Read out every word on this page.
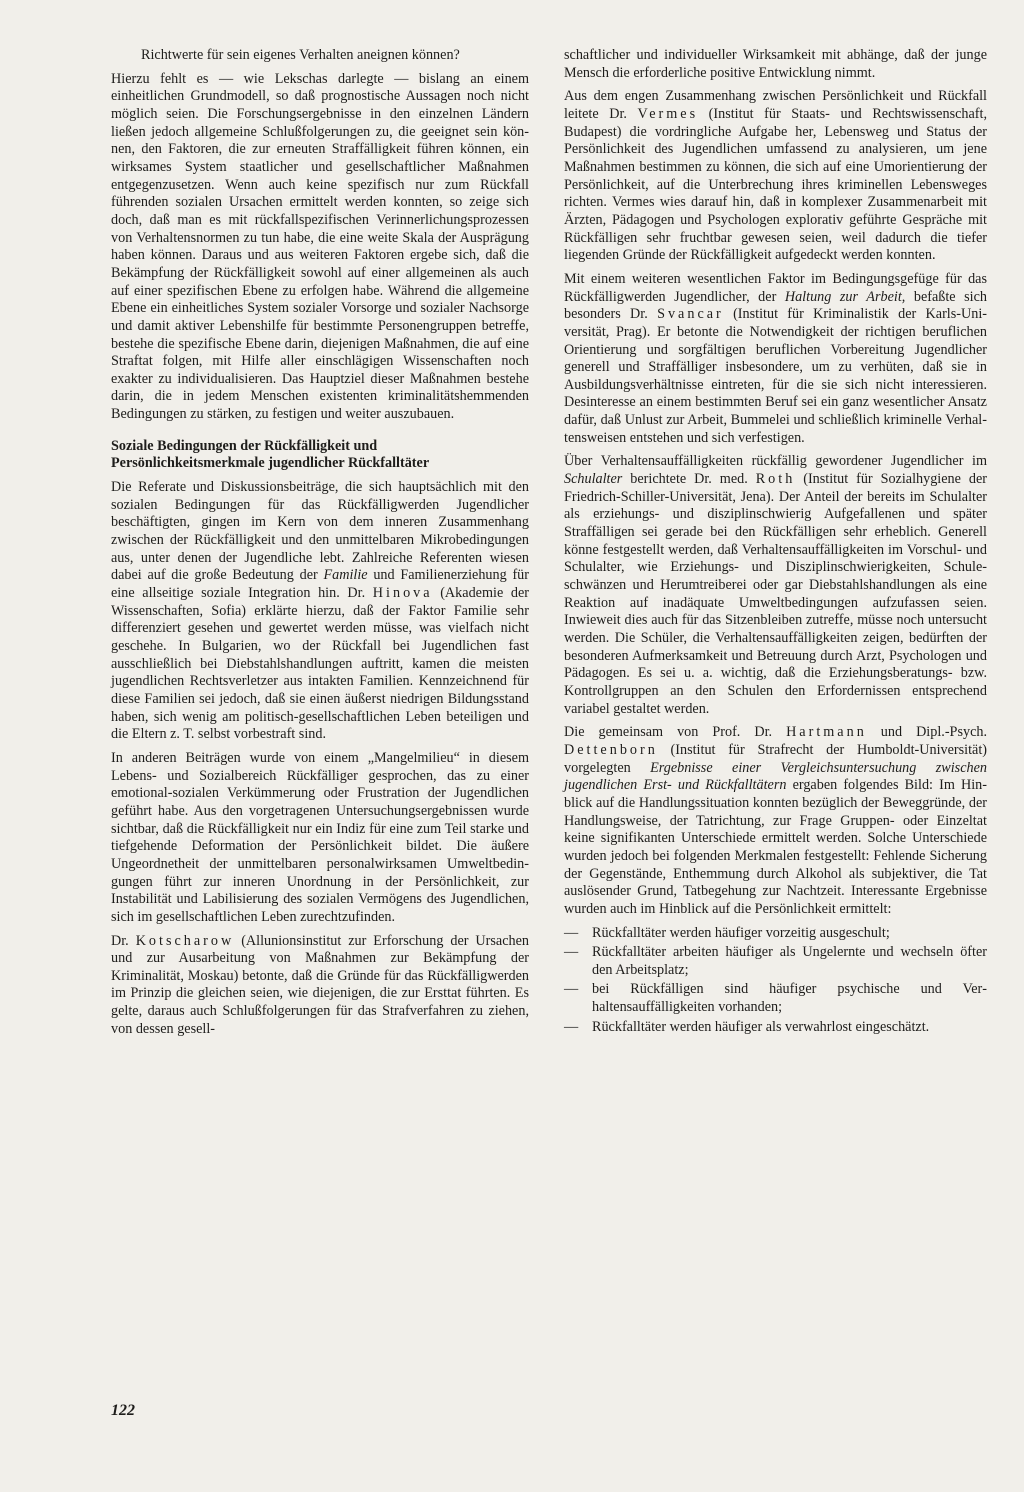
Richtwerte für sein eigenes Verhalten aneignen können?

Hierzu fehlt es — wie Lekschas darlegte — bislang an einem einheitlichen Grundmodell, so daß prognostische Aussagen noch nicht möglich seien. Die Forschungsergebnisse in den einzelnen Ländern ließen jedoch allgemeine Schlußfolgerungen zu, die geeignet sein können, den Faktoren, die zur erneuten Straffälligkeit führen können, ein wirksames System staatlicher und gesellschaftlicher Maßnahmen entgegenzusetzen. Wenn auch keine spezifisch nur zum Rückfall führenden sozialen Ursachen ermittelt werden konnten, so zeige sich doch, daß man es mit rückfallspezifischen Verinnerlichungsprozessen von Verhaltensnormen zu tun habe, die eine weite Skala der Ausprägung haben können. Daraus und aus weiteren Faktoren ergebe sich, daß die Bekämpfung der Rückfälligkeit sowohl auf einer allgemeinen als auch auf einer spezifischen Ebene zu erfolgen habe. Während die allgemeine Ebene ein einheitliches System sozialer Vorsorge und sozialer Nachsorge und damit aktiver Lebenshilfe für bestimmte Personengruppen betreffe, bestehe die spezifische Ebene darin, diejenigen Maßnahmen, die auf eine Straftat folgen, mit Hilfe aller einschlägigen Wissenschaften noch exakter zu individualisieren. Das Hauptziel dieser Maßnahmen bestehe darin, die in jedem Menschen existenten kriminalitätshemmenden Bedingungen zu stärken, zu festigen und weiter auszubauen.

Soziale Bedingungen der Rückfälligkeit und Persönlichkeitsmerkmale jugendlicher Rückfalltäter

Die Referate und Diskussionsbeiträge, die sich hauptsächlich mit den sozialen Bedingungen für das Rückfälligwerden Jugendlicher beschäftigten, gingen im Kern von dem inneren Zusammenhang zwischen der Rückfälligkeit und den unmittelbaren Mikrobedingungen aus, unter denen der Jugendliche lebt. Zahlreiche Referenten wiesen dabei auf die große Bedeutung der Familie und Familienerziehung für eine allseitige soziale Integration hin. Dr. Hinova (Akademie der Wissenschaften, Sofia) erklärte hierzu, daß der Faktor Familie sehr differenziert gesehen und gewertet werden müsse, was vielfach nicht geschehe. In Bulgarien, wo der Rückfall bei Jugendlichen fast ausschließlich bei Diebstahlshandlungen auftritt, kamen die meisten jugendlichen Rechtsverletzer aus intakten Familien. Kennzeichnend für diese Familien sei jedoch, daß sie einen äußerst niedrigen Bildungsstand haben, sich wenig am politisch-gesellschaftlichen Leben beteiligen und die Eltern z. T. selbst vorbestraft sind.

In anderen Beiträgen wurde von einem „Mangelmilieu“ in diesem Lebens- und Sozialbereich Rückfälliger gesprochen, das zu einer emotional-sozialen Verkümmerung oder Frustration der Jugendlichen geführt habe. Aus den vorgetragenen Untersuchungsergebnissen wurde sichtbar, daß die Rückfälligkeit nur ein Indiz für eine zum Teil starke und tiefgehende Deformation der Persönlichkeit bildet. Die äußere Ungeordnetheit der unmittelbaren personalwirksamen Umweltbedingungen führt zur inneren Unordnung in der Persönlichkeit, zur Instabilität und Labilisierung des sozialen Vermögens des Jugendlichen, sich im gesellschaftlichen Leben zurechtzufinden.

Dr. Kotscharow (Allunionsinstitut zur Erforschung der Ursachen und zur Ausarbeitung von Maßnahmen zur Bekämpfung der Kriminalität, Moskau) betonte, daß die Gründe für das Rückfälligwerden im Prinzip die gleichen seien, wie diejenigen, die zur Ersttat führten. Es gelte, daraus auch Schlußfolgerungen für das Strafverfahren zu ziehen, von dessen gesell-

schaftlicher und individueller Wirksamkeit mit abhänge, daß der junge Mensch die erforderliche positive Entwicklung nimmt.

Aus dem engen Zusammenhang zwischen Persönlichkeit und Rückfall leitete Dr. Vermes (Institut für Staats- und Rechtswissenschaft, Budapest) die vordringliche Aufgabe her, Lebensweg und Status der Persönlichkeit des Jugendlichen umfassend zu analysieren, um jene Maßnahmen bestimmen zu können, die sich auf eine Umorientierung der Persönlichkeit, auf die Unterbrechung ihres kriminellen Lebensweges richten. Vermes wies darauf hin, daß in komplexer Zusammenarbeit mit Ärzten, Pädagogen und Psychologen explorativ geführte Gespräche mit Rückfälligen sehr fruchtbar gewesen seien, weil dadurch die tiefer liegenden Gründe der Rückfälligkeit aufgedeckt werden konnten.

Mit einem weiteren wesentlichen Faktor im Bedingungsgefüge für das Rückfälligwerden Jugendlicher, der Haltung zur Arbeit, befaßte sich besonders Dr. Svancar (Institut für Kriminalistik der Karls-Universität, Prag). Er betonte die Notwendigkeit der richtigen beruflichen Orientierung und sorgfältigen beruflichen Vorbereitung Jugendlicher generell und Straffälliger insbesondere, um zu verhüten, daß sie in Ausbildungsverhältnisse eintreten, für die sie sich nicht interessieren. Desinteresse an einem bestimmten Beruf sei ein ganz wesentlicher Ansatz dafür, daß Unlust zur Arbeit, Bummelei und schließlich kriminelle Verhaltensweisen entstehen und sich verfestigen.

Über Verhaltensauffälligkeiten rückfällig gewordener Jugendlicher im Schulalter berichtete Dr. med. Roth (Institut für Sozialhygiene der Friedrich-Schiller-Universität, Jena). Der Anteil der bereits im Schulalter als erziehungs- und disziplinschwierig Aufgefallenen und später Straffälligen sei gerade bei den Rückfälligen sehr erheblich. Generell könne festgestellt werden, daß Verhaltensauffälligkeiten im Vorschul- und Schulalter, wie Erziehungs- und Disziplinschwierigkeiten, Schuleschwänzen und Herumtreiberei oder gar Diebstahlshandlungen als eine Reaktion auf inadäquate Umweltbedingungen aufzufassen seien. Inwieweit dies auch für das Sitzenbleiben zutreffe, müsse noch untersucht werden. Die Schüler, die Verhaltensauffälligkeiten zeigen, bedürften der besonderen Aufmerksamkeit und Betreuung durch Arzt, Psychologen und Pädagogen. Es sei u. a. wichtig, daß die Erziehungsberatungs- bzw. Kontrollgruppen an den Schulen den Erfordernissen entsprechend variabel gestaltet werden.

Die gemeinsam von Prof. Dr. Hartmann und Dipl.-Psych. Dettenborn (Institut für Strafrecht der Humboldt-Universität) vorgelegten Ergebnisse einer Vergleichsuntersuchung zwischen jugendlichen Erst- und Rückfalltätern ergaben folgendes Bild: Im Hinblick auf die Handlungssituation konnten bezüglich der Beweggründe, der Handlungsweise, der Tatrichtung, zur Frage Gruppen- oder Einzeltat keine signifikanten Unterschiede ermittelt werden. Solche Unterschiede wurden jedoch bei folgenden Merkmalen festgestellt: Fehlende Sicherung der Gegenstände, Enthemmung durch Alkohol als subjektiver, die Tat auslösender Grund, Tatbegehung zur Nachtzeit. Interessante Ergebnisse wurden auch im Hinblick auf die Persönlichkeit ermittelt:

— Rückfalltäter werden häufiger vorzeitig ausgeschult;
— Rückfalltäter arbeiten häufiger als Ungelernte und wechseln öfter den Arbeitsplatz;
— bei Rückfälligen sind häufiger psychische und Verhaltensauffälligkeiten vorhanden;
— Rückfalltäter werden häufiger als verwahrlost eingeschätzt.
122
